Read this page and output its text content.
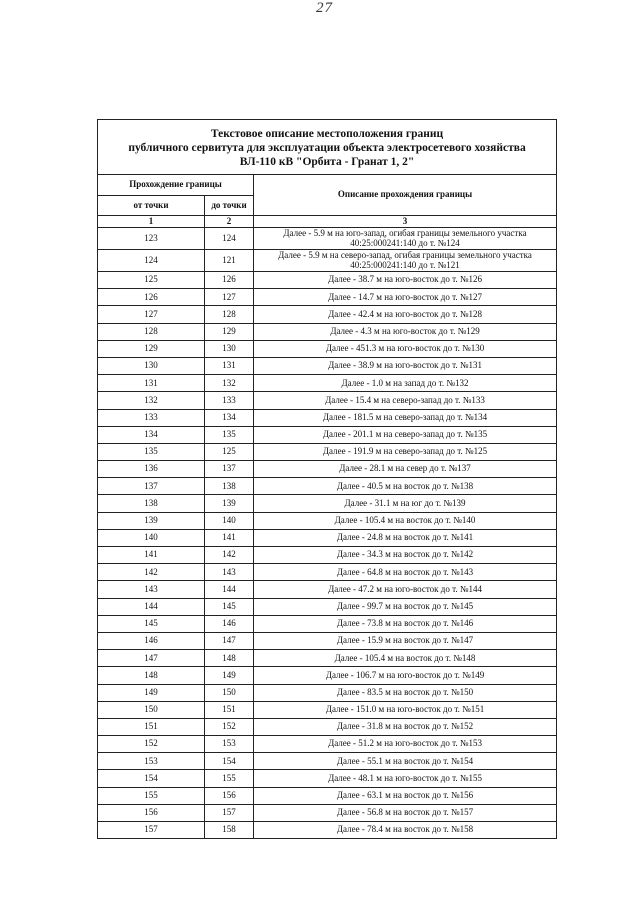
27
Текстовое описание местоположения границ
публичного сервитута для эксплуатации объекта электросетевого хозяйства
ВЛ-110 кВ "Орбита - Гранат 1, 2"		

Прохождение границы		Описание прохождения границы
от точки	до точки	
1	2	3
123	124	Далее - 5.9 м на юго-запад, огибая границы земельного участка 40:25:000241:140 до т. №124
124	121	Далее - 5.9 м на северо-запад, огибая границы земельного участка 40:25:000241:140 до т. №121
125	126	Далее - 38.7 м на юго-восток до т. №126
126	127	Далее - 14.7 м на юго-восток до т. №127
127	128	Далее - 42.4 м на юго-восток до т. №128
128	129	Далее - 4.3 м на юго-восток до т. №129
129	130	Далее - 451.3 м на юго-восток до т. №130
130	131	Далее - 38.9 м на юго-восток до т. №131
131	132	Далее - 1.0 м на запад до т. №132
132	133	Далее - 15.4 м на северо-запад до т. №133
133	134	Далее - 181.5 м на северо-запад до т. №134
134	135	Далее - 201.1 м на северо-запад до т. №135
135	125	Далее - 191.9 м на северо-запад до т. №125
136	137	Далее - 28.1 м на север до т. №137
137	138	Далее - 40.5 м на восток до т. №138
138	139	Далее - 31.1 м на юг до т. №139
139	140	Далее - 105.4 м на восток до т. №140
140	141	Далее - 24.8 м на восток до т. №141
141	142	Далее - 34.3 м на восток до т. №142
142	143	Далее - 64.8 м на восток до т. №143
143	144	Далее - 47.2 м на юго-восток до т. №144
144	145	Далее - 99.7 м на восток до т. №145
145	146	Далее - 73.8 м на восток до т. №146
146	147	Далее - 15.9 м на восток до т. №147
147	148	Далее - 105.4 м на восток до т. №148
148	149	Далее - 106.7 м на юго-восток до т. №149
149	150	Далее - 83.5 м на восток до т. №150
150	151	Далее - 151.0 м на юго-восток до т. №151
151	152	Далее - 31.8 м на восток до т. №152
152	153	Далее - 51.2 м на юго-восток до т. №153
153	154	Далее - 55.1 м на восток до т. №154
154	155	Далее - 48.1 м на юго-восток до т. №155
155	156	Далее - 63.1 м на восток до т. №156
156	157	Далее - 56.8 м на восток до т. №157
157	158	Далее - 78.4 м на восток до т. №158
